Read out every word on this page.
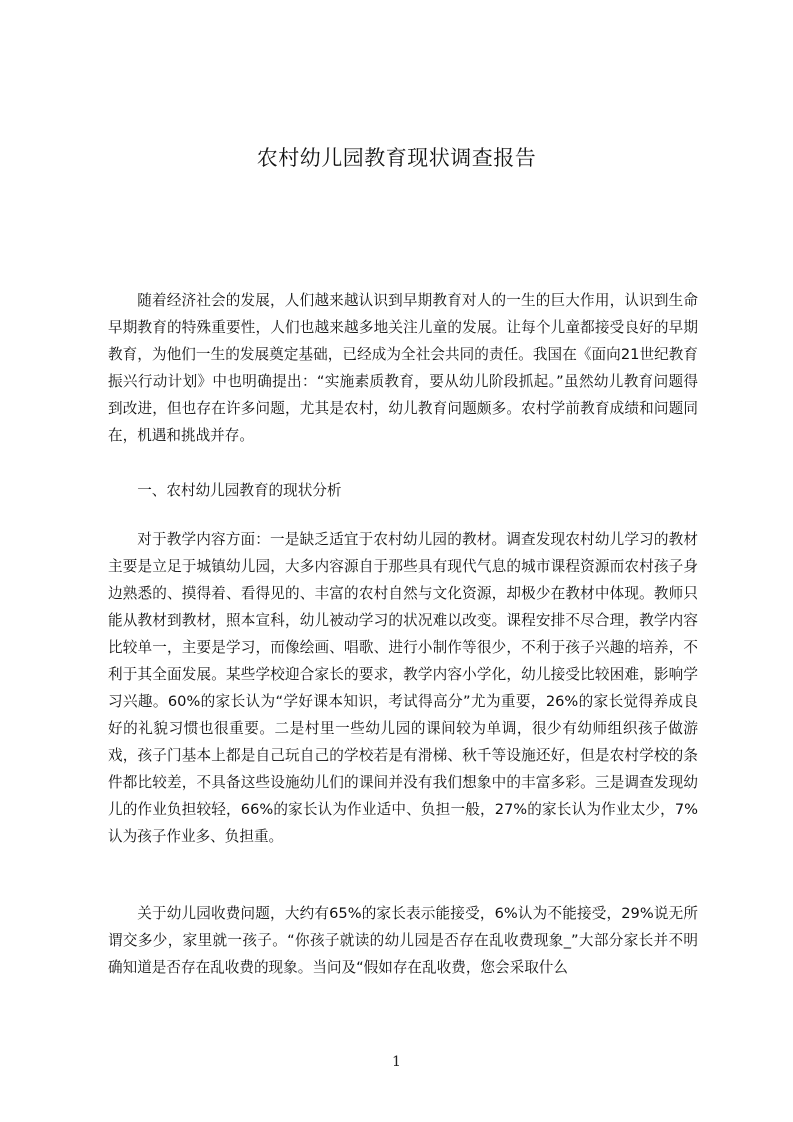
农村幼儿园教育现状调查报告

随着经济社会的发展，人们越来越认识到早期教育对人的一生的巨大作用，认识到生命早期教育的特殊重要性，人们也越来越多地关注儿童的发展。让每个儿童都接受良好的早期教育，为他们一生的发展奠定基础，已经成为全社会共同的责任。我国在《面向21世纪教育振兴行动计划》中也明确提出：“实施素质教育，要从幼儿阶段抓起。”虽然幼儿教育问题得到改进，但也存在许多问题，尤其是农村，幼儿教育问题颇多。农村学前教育成绩和问题同在，机遇和挑战并存。

一、农村幼儿园教育的现状分析

对于教学内容方面：一是缺乏适宜于农村幼儿园的教材。调查发现农村幼儿学习的教材主要是立足于城镇幼儿园，大多内容源自于那些具有现代气息的城市课程资源而农村孩子身边熟悉的、摸得着、看得见的、丰富的农村自然与文化资源，却极少在教材中体现。教师只能从教材到教材，照本宣科，幼儿被动学习的状况难以改变。课程安排不尽合理，教学内容比较单一，主要是学习，而像绘画、唱歌、进行小制作等很少，不利于孩子兴趣的培养，不利于其全面发展。某些学校迎合家长的要求，教学内容小学化，幼儿接受比较困难，影响学习兴趣。60%的家长认为“学好课本知识，考试得高分”尤为重要，26%的家长觉得养成良好的礼貌习惯也很重要。二是村里一些幼儿园的课间较为单调，很少有幼师组织孩子做游戏，孩子门基本上都是自己玩自己的学校若是有滑梯、秋千等设施还好，但是农村学校的条件都比较差，不具备这些设施幼儿们的课间并没有我们想象中的丰富多彩。三是调查发现幼儿的作业负担较轻，66%的家长认为作业适中、负担一般，27%的家长认为作业太少，7%认为孩子作业多、负担重。

关于幼儿园收费问题，大约有65%的家长表示能接受，6%认为不能接受，29%说无所谓交多少，家里就一孩子。“你孩子就读的幼儿园是否存在乱收费现象_”大部分家长并不明确知道是否存在乱收费的现象。当问及“假如存在乱收费，您会采取什么

1
